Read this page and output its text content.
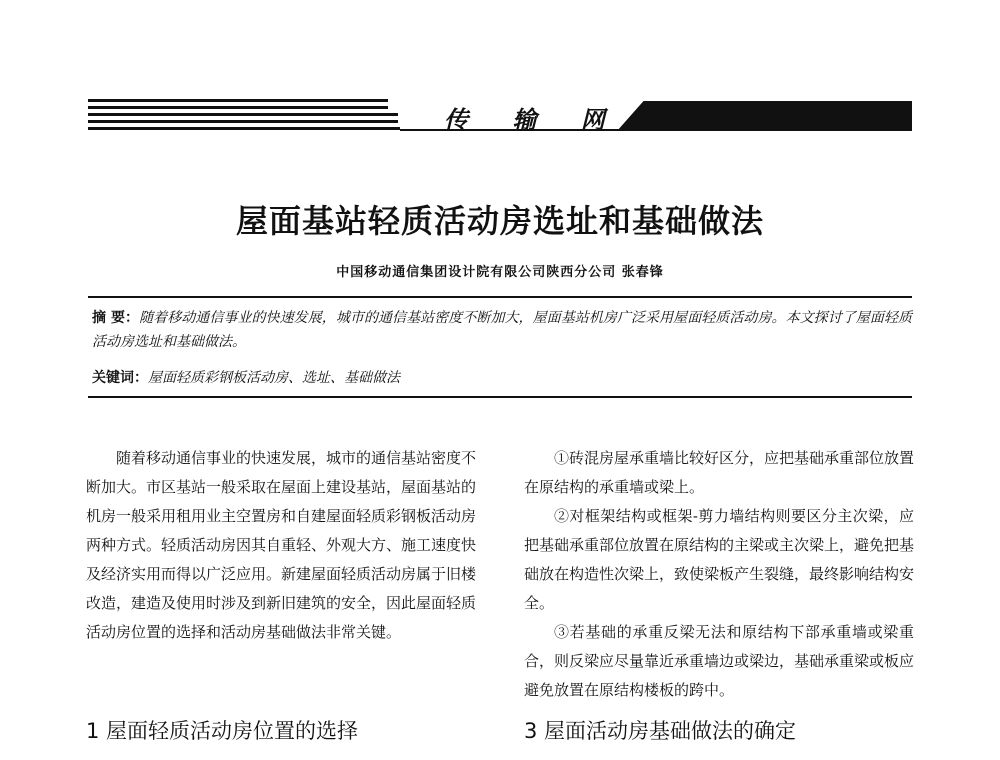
传 输 网
屋面基站轻质活动房选址和基础做法
中国移动通信集团设计院有限公司陕西分公司 张春锋
摘 要：随着移动通信事业的快速发展，城市的通信基站密度不断加大，屋面基站机房广泛采用屋面轻质活动房。本文探讨了屋面轻质活动房选址和基础做法。
关键词：屋面轻质彩钢板活动房、选址、基础做法

随着移动通信事业的快速发展，城市的通信基站密度不断加大。市区基站一般采取在屋面上建设基站，屋面基站的机房一般采用租用业主空置房和自建屋面轻质彩钢板活动房两种方式。轻质活动房因其自重轻、外观大方、施工速度快及经济实用而得以广泛应用。新建屋面轻质活动房属于旧楼改造，建造及使用时涉及到新旧建筑的安全，因此屋面轻质活动房位置的选择和活动房基础做法非常关键。

1 屋面轻质活动房位置的选择

①砖混房屋承重墙比较好区分，应把基础承重部位放置在原结构的承重墙或梁上。

②对框架结构或框架-剪力墙结构则要区分主次梁，应把基础承重部位放置在原结构的主梁或主次梁上，避免把基础放在构造性次梁上，致使梁板产生裂缝，最终影响结构安全。

③若基础的承重反梁无法和原结构下部承重墙或梁重合，则反梁应尽量靠近承重墙边或梁边，基础承重梁或板应避免放置在原结构楼板的跨中。

3 屋面活动房基础做法的确定
